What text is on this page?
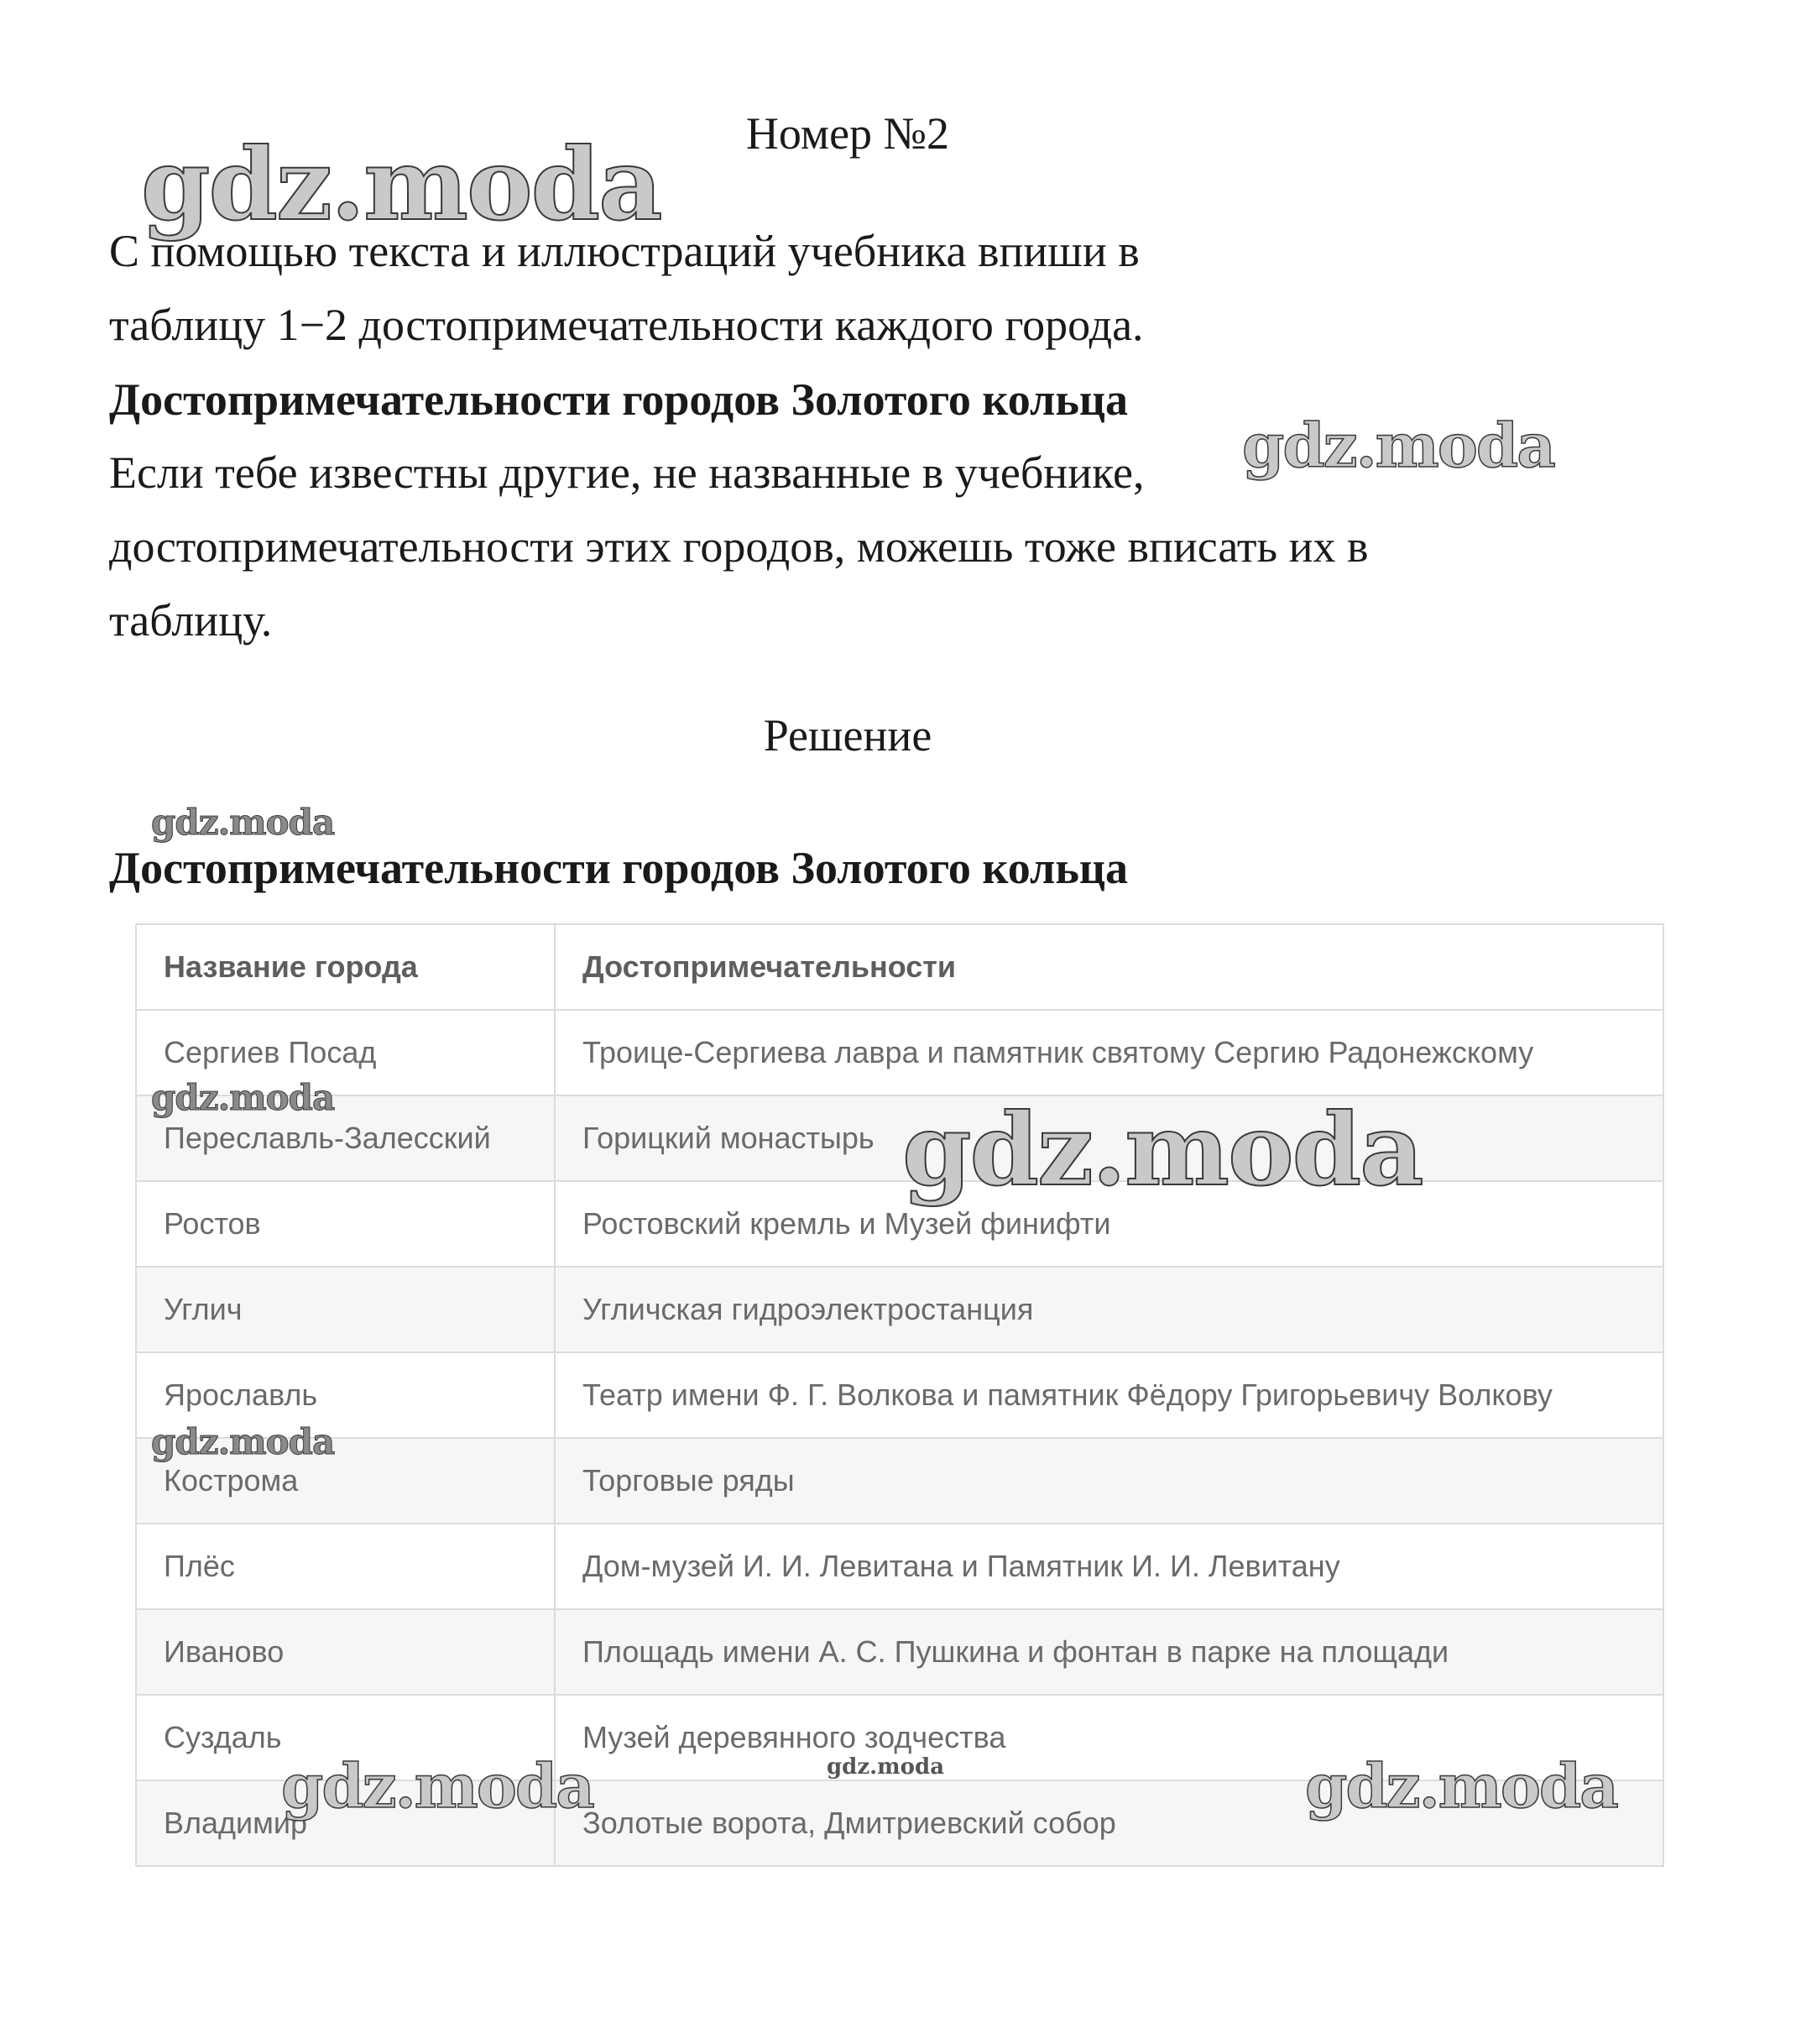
Номер №2
С помощью текста и иллюстраций учебника впиши в
таблицу 1−2 достопримечательности каждого города.
Достопримечательности городов Золотого кольца
Если тебе известны другие, не названные в учебнике,
достопримечательности этих городов, можешь тоже вписать их в
таблицу.
Решение
Достопримечательности городов Золотого кольца
Название города	Достопримечательности
Сергиев Посад	Троице-Сергиева лавра и памятник святому Сергию Радонежскому
Переславль-Залесский	Горицкий монастырь
Ростов	Ростовский кремль и Музей финифти
Углич	Угличская гидроэлектростанция
Ярославль	Театр имени Ф. Г. Волкова и памятник Фёдору Григорьевичу Волкову
Кострома	Торговые ряды
Плёс	Дом-музей И. И. Левитана и Памятник И. И. Левитану
Иваново	Площадь имени А. С. Пушкина и фонтан в парке на площади
Суздаль	Музей деревянного зодчества
Владимир	Золотые ворота, Дмитриевский собор
gdz.moda
gdz.moda
gdz.moda
gdz.moda	gdz.moda
gdz.moda
gdz.moda	gdz.moda	gdz.moda
